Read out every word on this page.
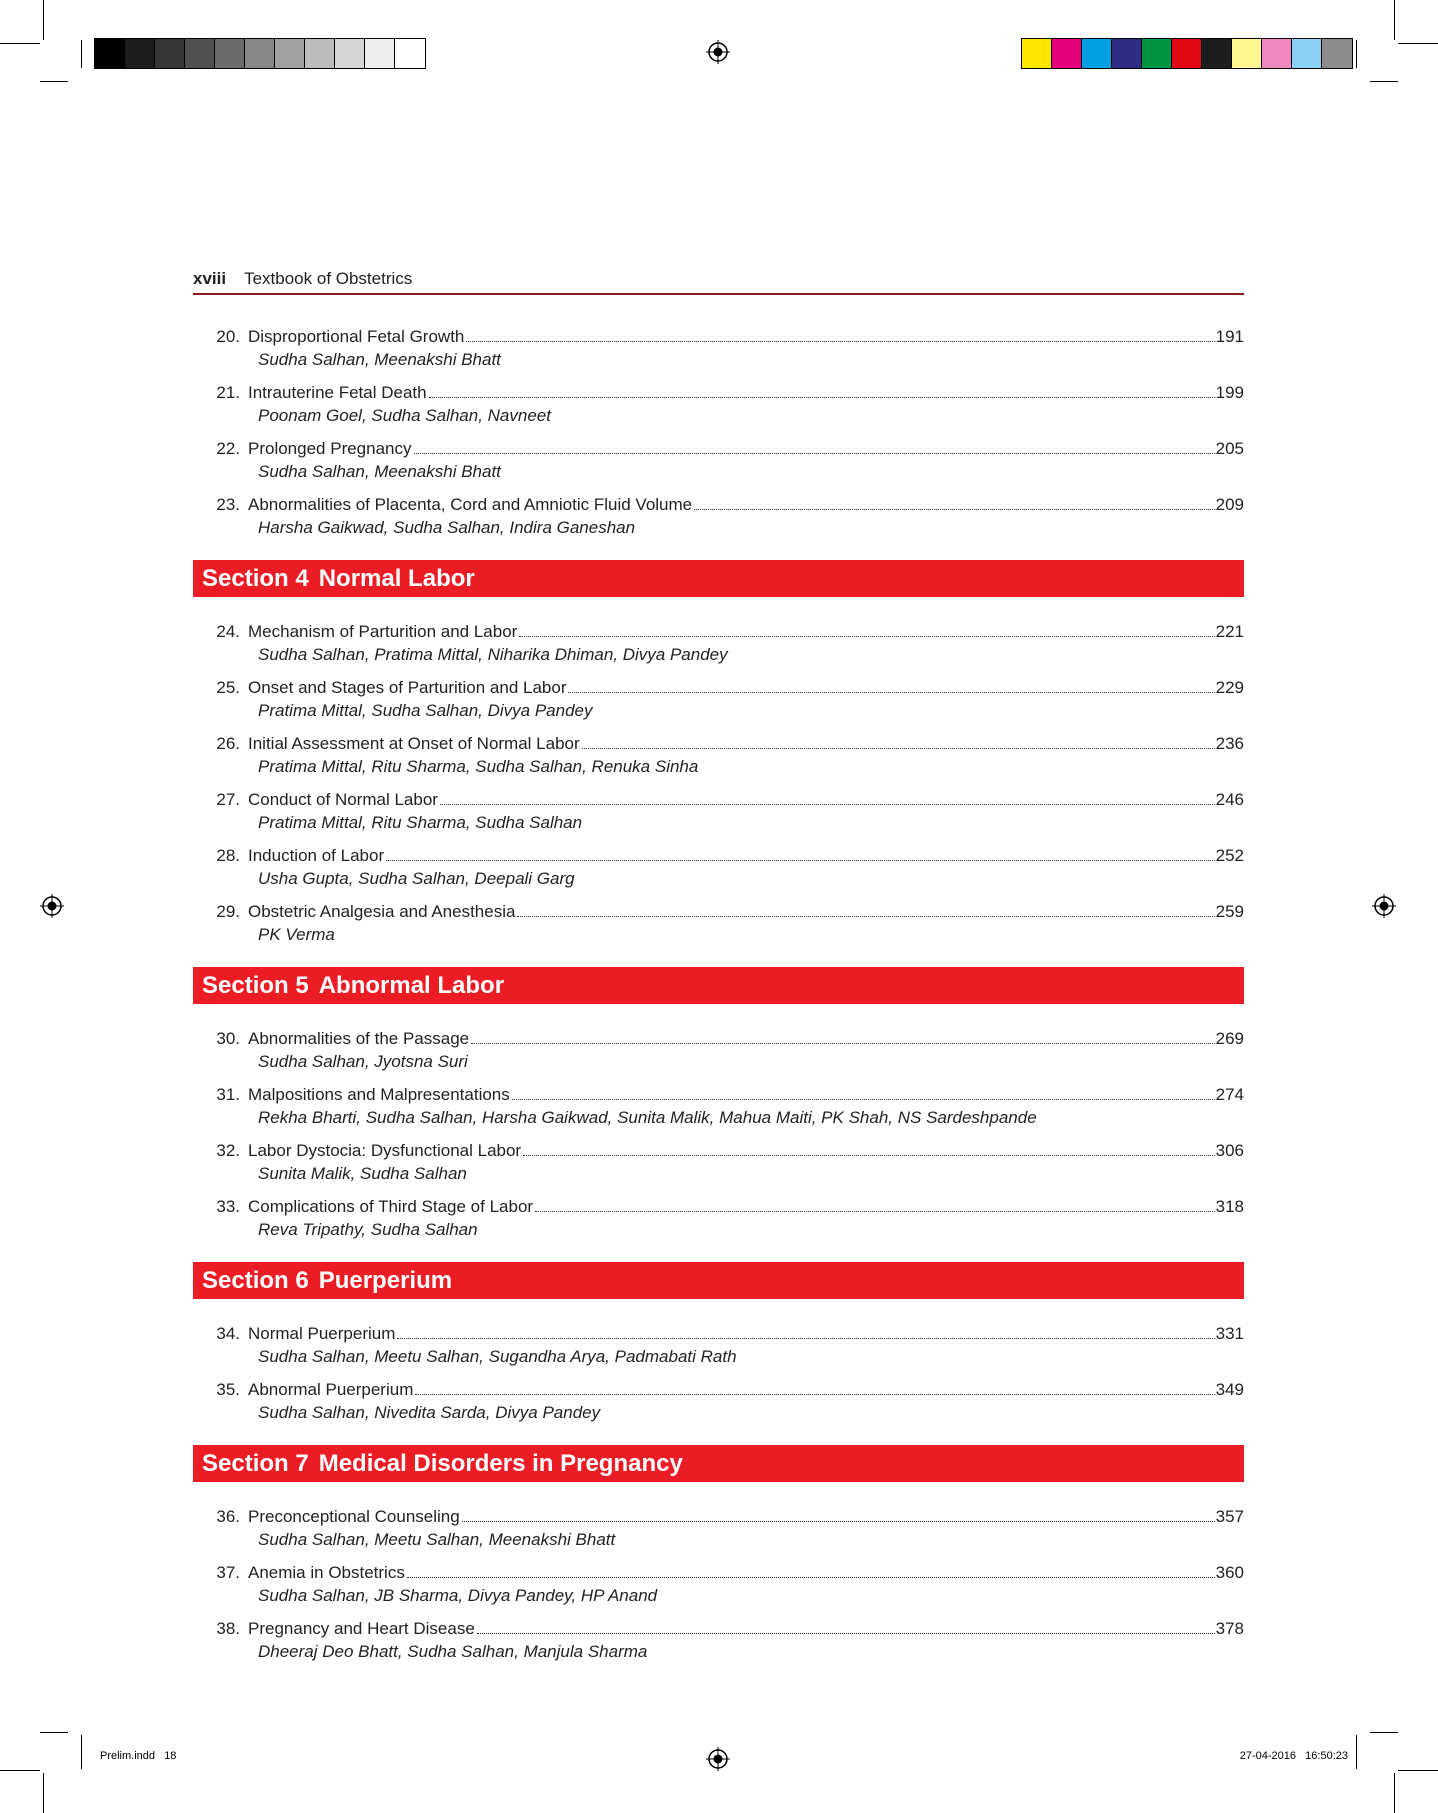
xviii Textbook of Obstetrics
20. Disproportional Fetal Growth	191
Sudha Salhan, Meenakshi Bhatt
21. Intrauterine Fetal Death	199
Poonam Goel, Sudha Salhan, Navneet
22. Prolonged Pregnancy	205
Sudha Salhan, Meenakshi Bhatt
23. Abnormalities of Placenta, Cord and Amniotic Fluid Volume	209
Harsha Gaikwad, Sudha Salhan, Indira Ganeshan
Section 4 Normal Labor
24. Mechanism of Parturition and Labor	221
Sudha Salhan, Pratima Mittal, Niharika Dhiman, Divya Pandey
25. Onset and Stages of Parturition and Labor	229
Pratima Mittal, Sudha Salhan, Divya Pandey
26. Initial Assessment at Onset of Normal Labor	236
Pratima Mittal, Ritu Sharma, Sudha Salhan, Renuka Sinha
27. Conduct of Normal Labor	246
Pratima Mittal, Ritu Sharma, Sudha Salhan
28. Induction of Labor	252
Usha Gupta, Sudha Salhan, Deepali Garg
29. Obstetric Analgesia and Anesthesia	259
PK Verma
Section 5 Abnormal Labor
30. Abnormalities of the Passage	269
Sudha Salhan, Jyotsna Suri
31. Malpositions and Malpresentations	274
Rekha Bharti, Sudha Salhan, Harsha Gaikwad, Sunita Malik, Mahua Maiti, PK Shah, NS Sardeshpande
32. Labor Dystocia: Dysfunctional Labor	306
Sunita Malik, Sudha Salhan
33. Complications of Third Stage of Labor	318
Reva Tripathy, Sudha Salhan
Section 6 Puerperium
34. Normal Puerperium	331
Sudha Salhan, Meetu Salhan, Sugandha Arya, Padmabati Rath
35. Abnormal Puerperium	349
Sudha Salhan, Nivedita Sarda, Divya Pandey
Section 7 Medical Disorders in Pregnancy
36. Preconceptional Counseling	357
Sudha Salhan, Meetu Salhan, Meenakshi Bhatt
37. Anemia in Obstetrics	360
Sudha Salhan, JB Sharma, Divya Pandey, HP Anand
38. Pregnancy and Heart Disease	378
Dheeraj Deo Bhatt, Sudha Salhan, Manjula Sharma
Prelim.indd   18	27-04-2016   16:50:23
